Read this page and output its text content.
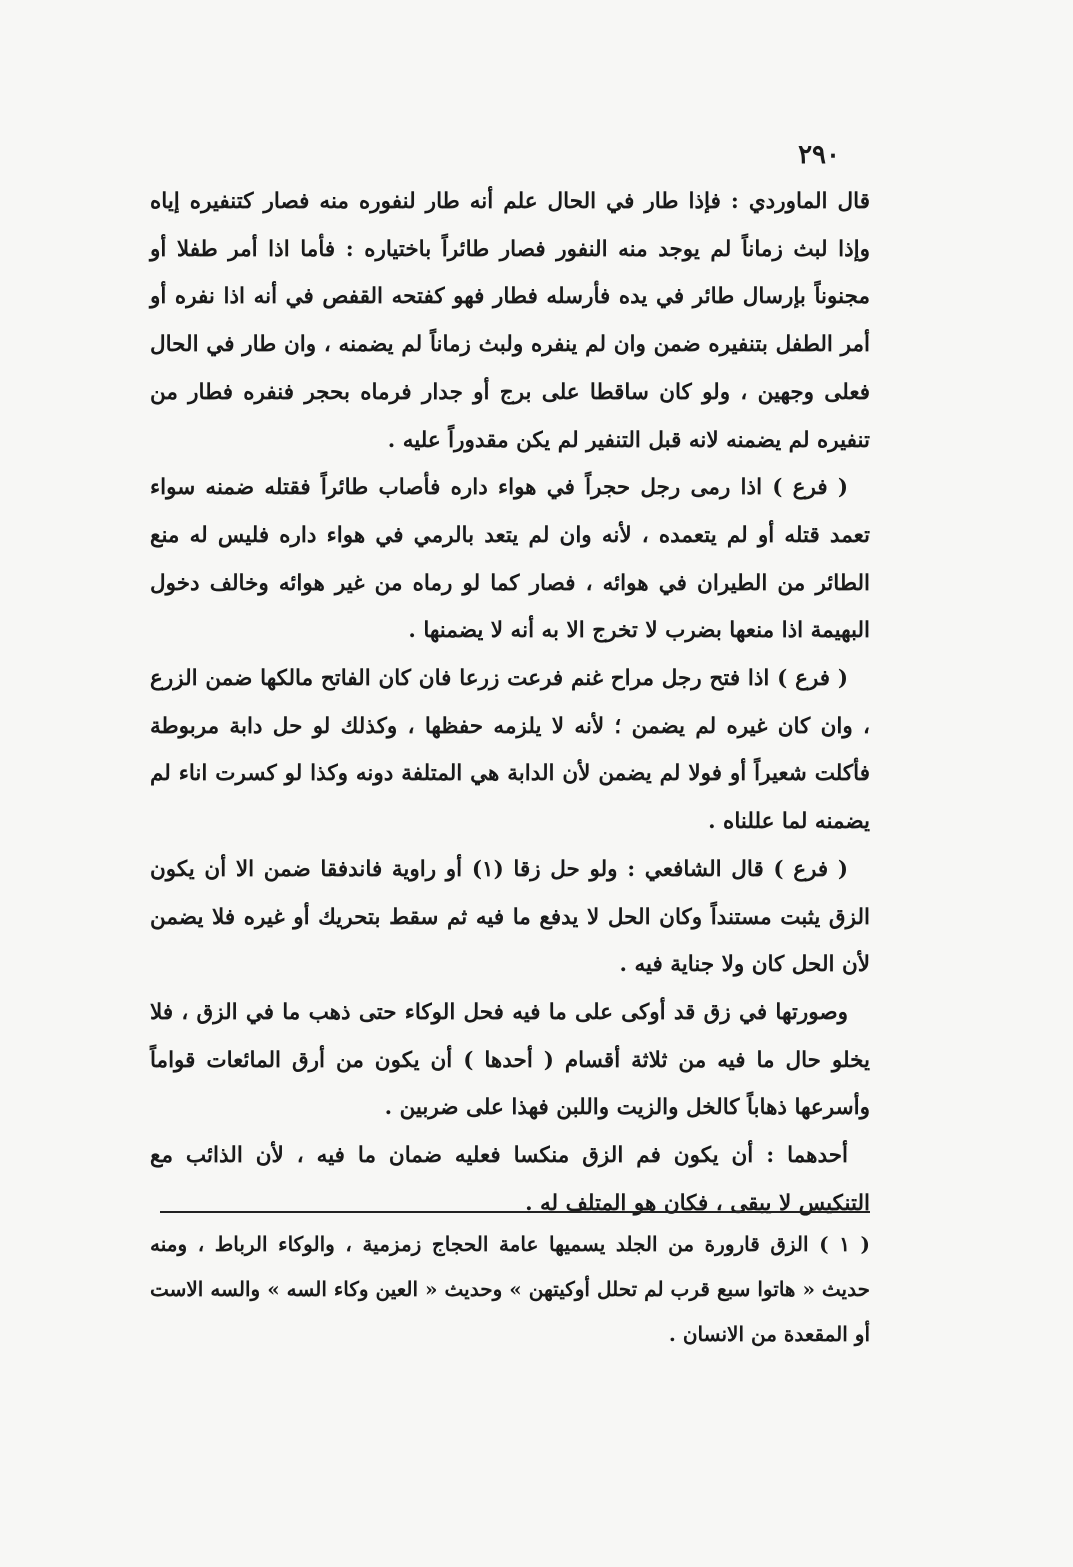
٢٩٠

قال الماوردي : فإذا طار في الحال علم أنه طار لنفوره منه فصار كتنفيره إياه وإذا لبث زماناً لم يوجد منه النفور فصار طائراً باختياره : فأما اذا أمر طفلا أو مجنوناً بإرسال طائر في يده فأرسله فطار فهو كفتحه القفص في أنه اذا نفره أو أمر الطفل بتنفيره ضمن وان لم ينفره ولبث زماناً لم يضمنه ، وان طار في الحال فعلى وجهين ، ولو كان ساقطا على برج أو جدار فرماه بحجر فنفره فطار من تنفيره لم يضمنه لانه قبل التنفير لم يكن مقدوراً عليه .

( فرع ) اذا رمى رجل حجراً في هواء داره فأصاب طائراً فقتله ضمنه سواء تعمد قتله أو لم يتعمده ، لأنه وان لم يتعد بالرمي في هواء داره فليس له منع الطائر من الطيران في هوائه ، فصار كما لو رماه من غير هوائه وخالف دخول البهيمة اذا منعها بضرب لا تخرج الا به أنه لا يضمنها .

( فرع ) اذا فتح رجل مراح غنم فرعت زرعا فان كان الفاتح مالكها ضمن الزرع ، وان كان غيره لم يضمن ؛ لأنه لا يلزمه حفظها ، وكذلك لو حل دابة مربوطة فأكلت شعيراً أو فولا لم يضمن لأن الدابة هي المتلفة دونه وكذا لو كسرت اناء لم يضمنه لما عللناه .

( فرع ) قال الشافعي : ولو حل زقا (١) أو راوية فاندفقا ضمن الا أن يكون الزق يثبت مستنداً وكان الحل لا يدفع ما فيه ثم سقط بتحريك أو غيره فلا يضمن لأن الحل كان ولا جناية فيه .

وصورتها في زق قد أوكى على ما فيه فحل الوكاء حتى ذهب ما في الزق ، فلا يخلو حال ما فيه من ثلاثة أقسام ( أحدها ) أن يكون من أرق المائعات قواماً وأسرعها ذهاباً كالخل والزيت واللبن فهذا على ضربين .

أحدهما : أن يكون فم الزق منكسا فعليه ضمان ما فيه ، لأن الذائب مع التنكيس لا يبقى ، فكان هو المتلف له .

( ١ ) الزق قارورة من الجلد يسميها عامة الحجاج زمزمية ، والوكاء الرباط ، ومنه حديث « هاتوا سبع قرب لم تحلل أوكيتهن » وحديث « العين وكاء السه » والسه الاست أو المقعدة من الانسان .
